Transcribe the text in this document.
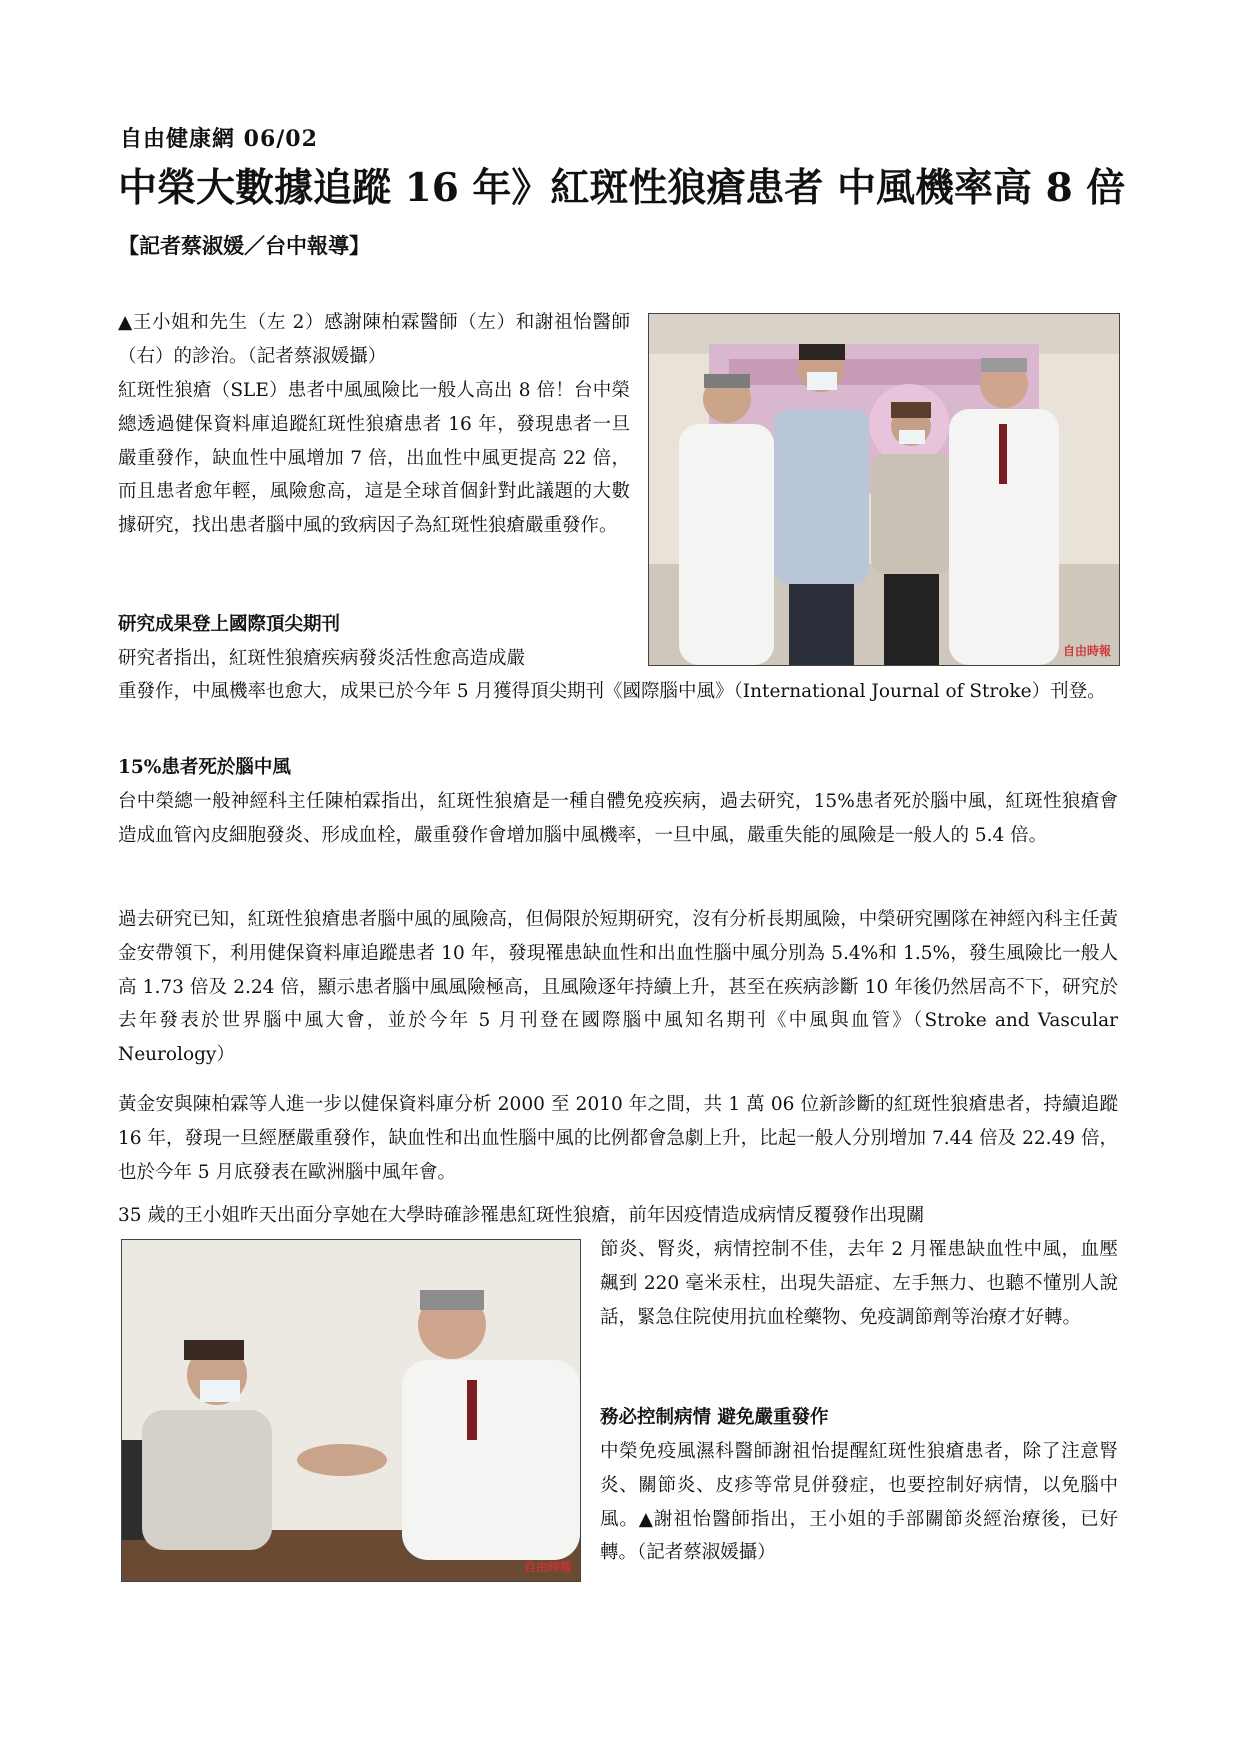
自由健康網 06/02
中榮大數據追蹤 16 年》紅斑性狼瘡患者 中風機率高 8 倍
【記者蔡淑媛／台中報導】

▲王小姐和先生（左 2）感謝陳柏霖醫師（左）和謝祖怡醫師（右）的診治。（記者蔡淑媛攝）

紅斑性狼瘡（SLE）患者中風風險比一般人高出 8 倍！台中榮總透過健保資料庫追蹤紅斑性狼瘡患者 16 年，發現患者一旦嚴重發作，缺血性中風增加 7 倍，出血性中風更提高 22 倍，而且患者愈年輕，風險愈高，這是全球首個針對此議題的大數據研究，找出患者腦中風的致病因子為紅斑性狼瘡嚴重發作。

研究成果登上國際頂尖期刊

研究者指出，紅斑性狼瘡疾病發炎活性愈高造成嚴	自由時報

重發作，中風機率也愈大，成果已於今年 5 月獲得頂尖期刊《國際腦中風》（International Journal of Stroke）刊登。

15%患者死於腦中風

台中榮總一般神經科主任陳柏霖指出，紅斑性狼瘡是一種自體免疫疾病，過去研究，15%患者死於腦中風，紅斑性狼瘡會造成血管內皮細胞發炎、形成血栓，嚴重發作會增加腦中風機率，一旦中風，嚴重失能的風險是一般人的 5.4 倍。

過去研究已知，紅斑性狼瘡患者腦中風的風險高，但侷限於短期研究，沒有分析長期風險，中榮研究團隊在神經內科主任黃金安帶領下，利用健保資料庫追蹤患者 10 年，發現罹患缺血性和出血性腦中風分別為 5.4%和 1.5%，發生風險比一般人高 1.73 倍及 2.24 倍，顯示患者腦中風風險極高，且風險逐年持續上升，甚至在疾病診斷 10 年後仍然居高不下，研究於去年發表於世界腦中風大會，並於今年 5 月刊登在國際腦中風知名期刊《中風與血管》（Stroke and Vascular Neurology）

黃金安與陳柏霖等人進一步以健保資料庫分析 2000 至 2010 年之間，共 1 萬 06 位新診斷的紅斑性狼瘡患者，持續追蹤 16 年，發現一旦經歷嚴重發作，缺血性和出血性腦中風的比例都會急劇上升，比起一般人分別增加 7.44 倍及 22.49 倍，也於今年 5 月底發表在歐洲腦中風年會。

35 歲的王小姐昨天出面分享她在大學時確診罹患紅斑性狼瘡，前年因疫情造成病情反覆發作出現關

自由時報

節炎、腎炎，病情控制不佳，去年 2 月罹患缺血性中風，血壓飆到 220 毫米汞柱，出現失語症、左手無力、也聽不懂別人說話，緊急住院使用抗血栓藥物、免疫調節劑等治療才好轉。

務必控制病情 避免嚴重發作

中榮免疫風濕科醫師謝祖怡提醒紅斑性狼瘡患者，除了注意腎炎、關節炎、皮疹等常見併發症，也要控制好病情，以免腦中風。▲謝祖怡醫師指出，王小姐的手部關節炎經治療後，已好轉。（記者蔡淑媛攝）
